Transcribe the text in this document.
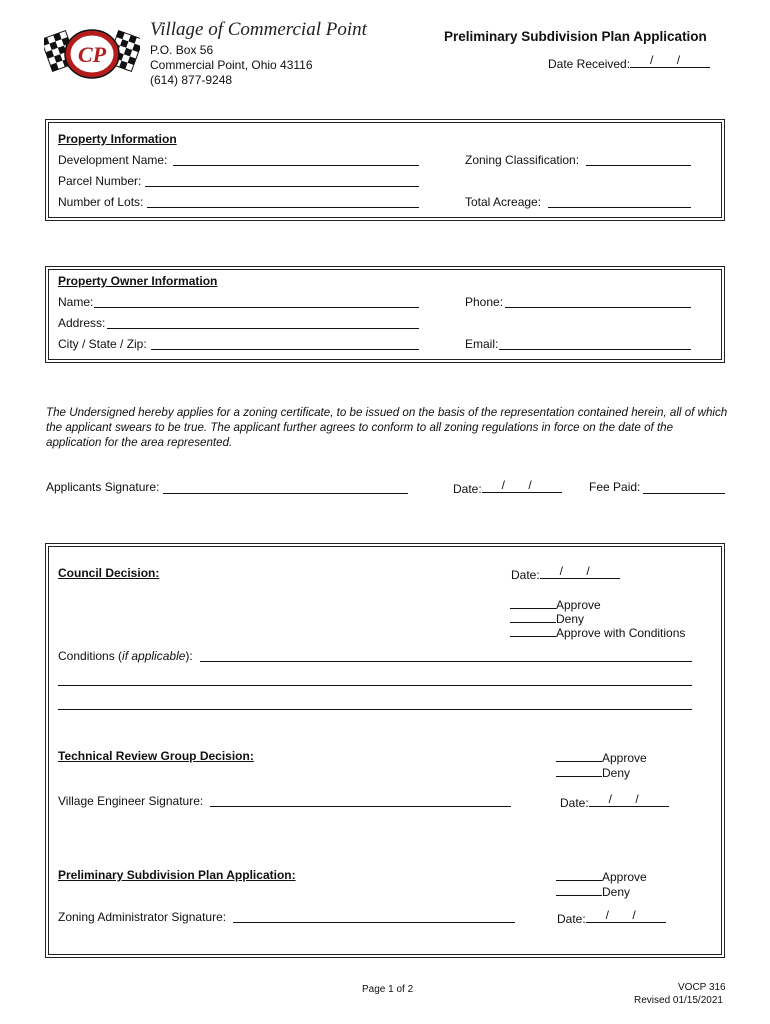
CP
Village of Commercial Point
P.O. Box 56
Commercial Point, Ohio 43116
(614) 877-9248
Preliminary Subdivision Plan Application
Date Received:	/ /
Property Information
Development Name:
Parcel Number:
Number of Lots:
Zoning Classification:
Total Acreage:
Property Owner Information
Name:
Address:
City / State / Zip:
Phone:
Email:
The Undersigned hereby applies for a zoning certificate, to be issued on the basis of the representation contained herein, all of which the applicant swears to be true. The applicant further agrees to conform to all zoning regulations in force on the date of the application for the area represented.
Applicants Signature:	Date:	/ /	Fee Paid:
Council Decision:	Date:	/ /
Approve
Deny
Approve with Conditions
Conditions (if applicable):
Technical Review Group Decision:	Approve
Deny
Village Engineer Signature:	Date:	/ /
Preliminary Subdivision Plan Application:	Approve
Deny
Zoning Administrator Signature:	Date:	/ /
Page 1 of 2	VOCP 316
Revised 01/15/2021
